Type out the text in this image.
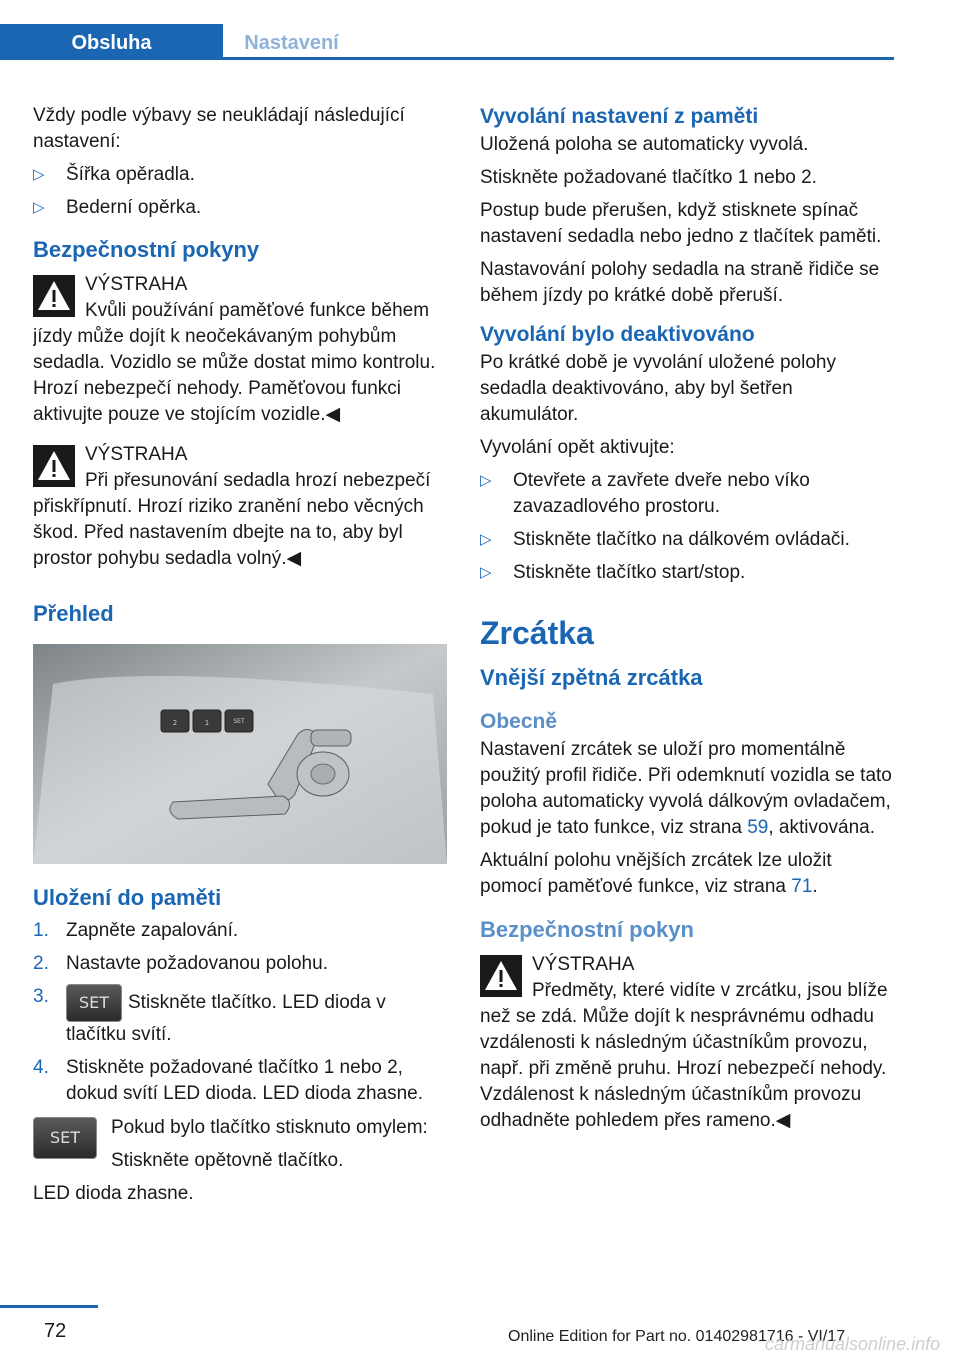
Obsluha	Nastavení

Vždy podle výbavy se neukládají následující nastavení:

▷ Šířka opěradla.
▷ Bederní opěrka.
Bezpečnostní pokyny
VÝSTRAHA
Kvůli používání paměťové funkce během jízdy může dojít k neočekávaným pohybům sedadla. Vozidlo se může dostat mimo kontrolu. Hrozí nebezpečí nehody. Paměťovou funkci aktivujte pouze ve stojícím vozidle.◀
VÝSTRAHA
Při přesunování sedadla hrozí nebezpečí přiskřípnutí. Hrozí riziko zranění nebo věcných škod. Před nastavením dbejte na to, aby byl prostor pohybu sedadla volný.◀
Přehled
2	1	SET
Uložení do paměti
1. Zapněte zapalování.
2. Nastavte požadovanou polohu.
3. SET Stiskněte tlačítko. LED dioda v tlačítku svítí.
4. Stiskněte požadované tlačítko 1 nebo 2, dokud svítí LED dioda. LED dioda zhasne.
SET	Pokud bylo tlačítko stisknuto omylem:

Stiskněte opětovně tlačítko.

LED dioda zhasne.

Vyvolání nastavení z paměti

Uložená poloha se automaticky vyvolá.

Stiskněte požadované tlačítko 1 nebo 2.

Postup bude přerušen, když stisknete spínač nastavení sedadla nebo jedno z tlačítek paměti.

Nastavování polohy sedadla na straně řidiče se během jízdy po krátké době přeruší.

Vyvolání bylo deaktivováno

Po krátké době je vyvolání uložené polohy sedadla deaktivováno, aby byl šetřen akumulátor.

Vyvolání opět aktivujte:

▷ Otevřete a zavřete dveře nebo víko zavazadlového prostoru.
▷ Stiskněte tlačítko na dálkovém ovládači.
▷ Stiskněte tlačítko start/stop.
Zrcátka
Vnější zpětná zrcátka
Obecně

Nastavení zrcátek se uloží pro momentálně použitý profil řidiče. Při odemknutí vozidla se tato poloha automaticky vyvolá dálkovým ovladačem, pokud je tato funkce, viz strana 59, aktivována.

Aktuální polohu vnějších zrcátek lze uložit pomocí paměťové funkce, viz strana 71.

Bezpečnostní pokyn
VÝSTRAHA
Předměty, které vidíte v zrcátku, jsou blíže než se zdá. Může dojít k nesprávnému odhadu vzdálenosti k následným účastníkům provozu, např. při změně pruhu. Hrozí nebezpečí nehody. Vzdálenost k následným účastníkům provozu odhadněte pohledem přes rameno.◀
72	Online Edition for Part no. 01402981716 - VI/17
carmanualsonline.info
